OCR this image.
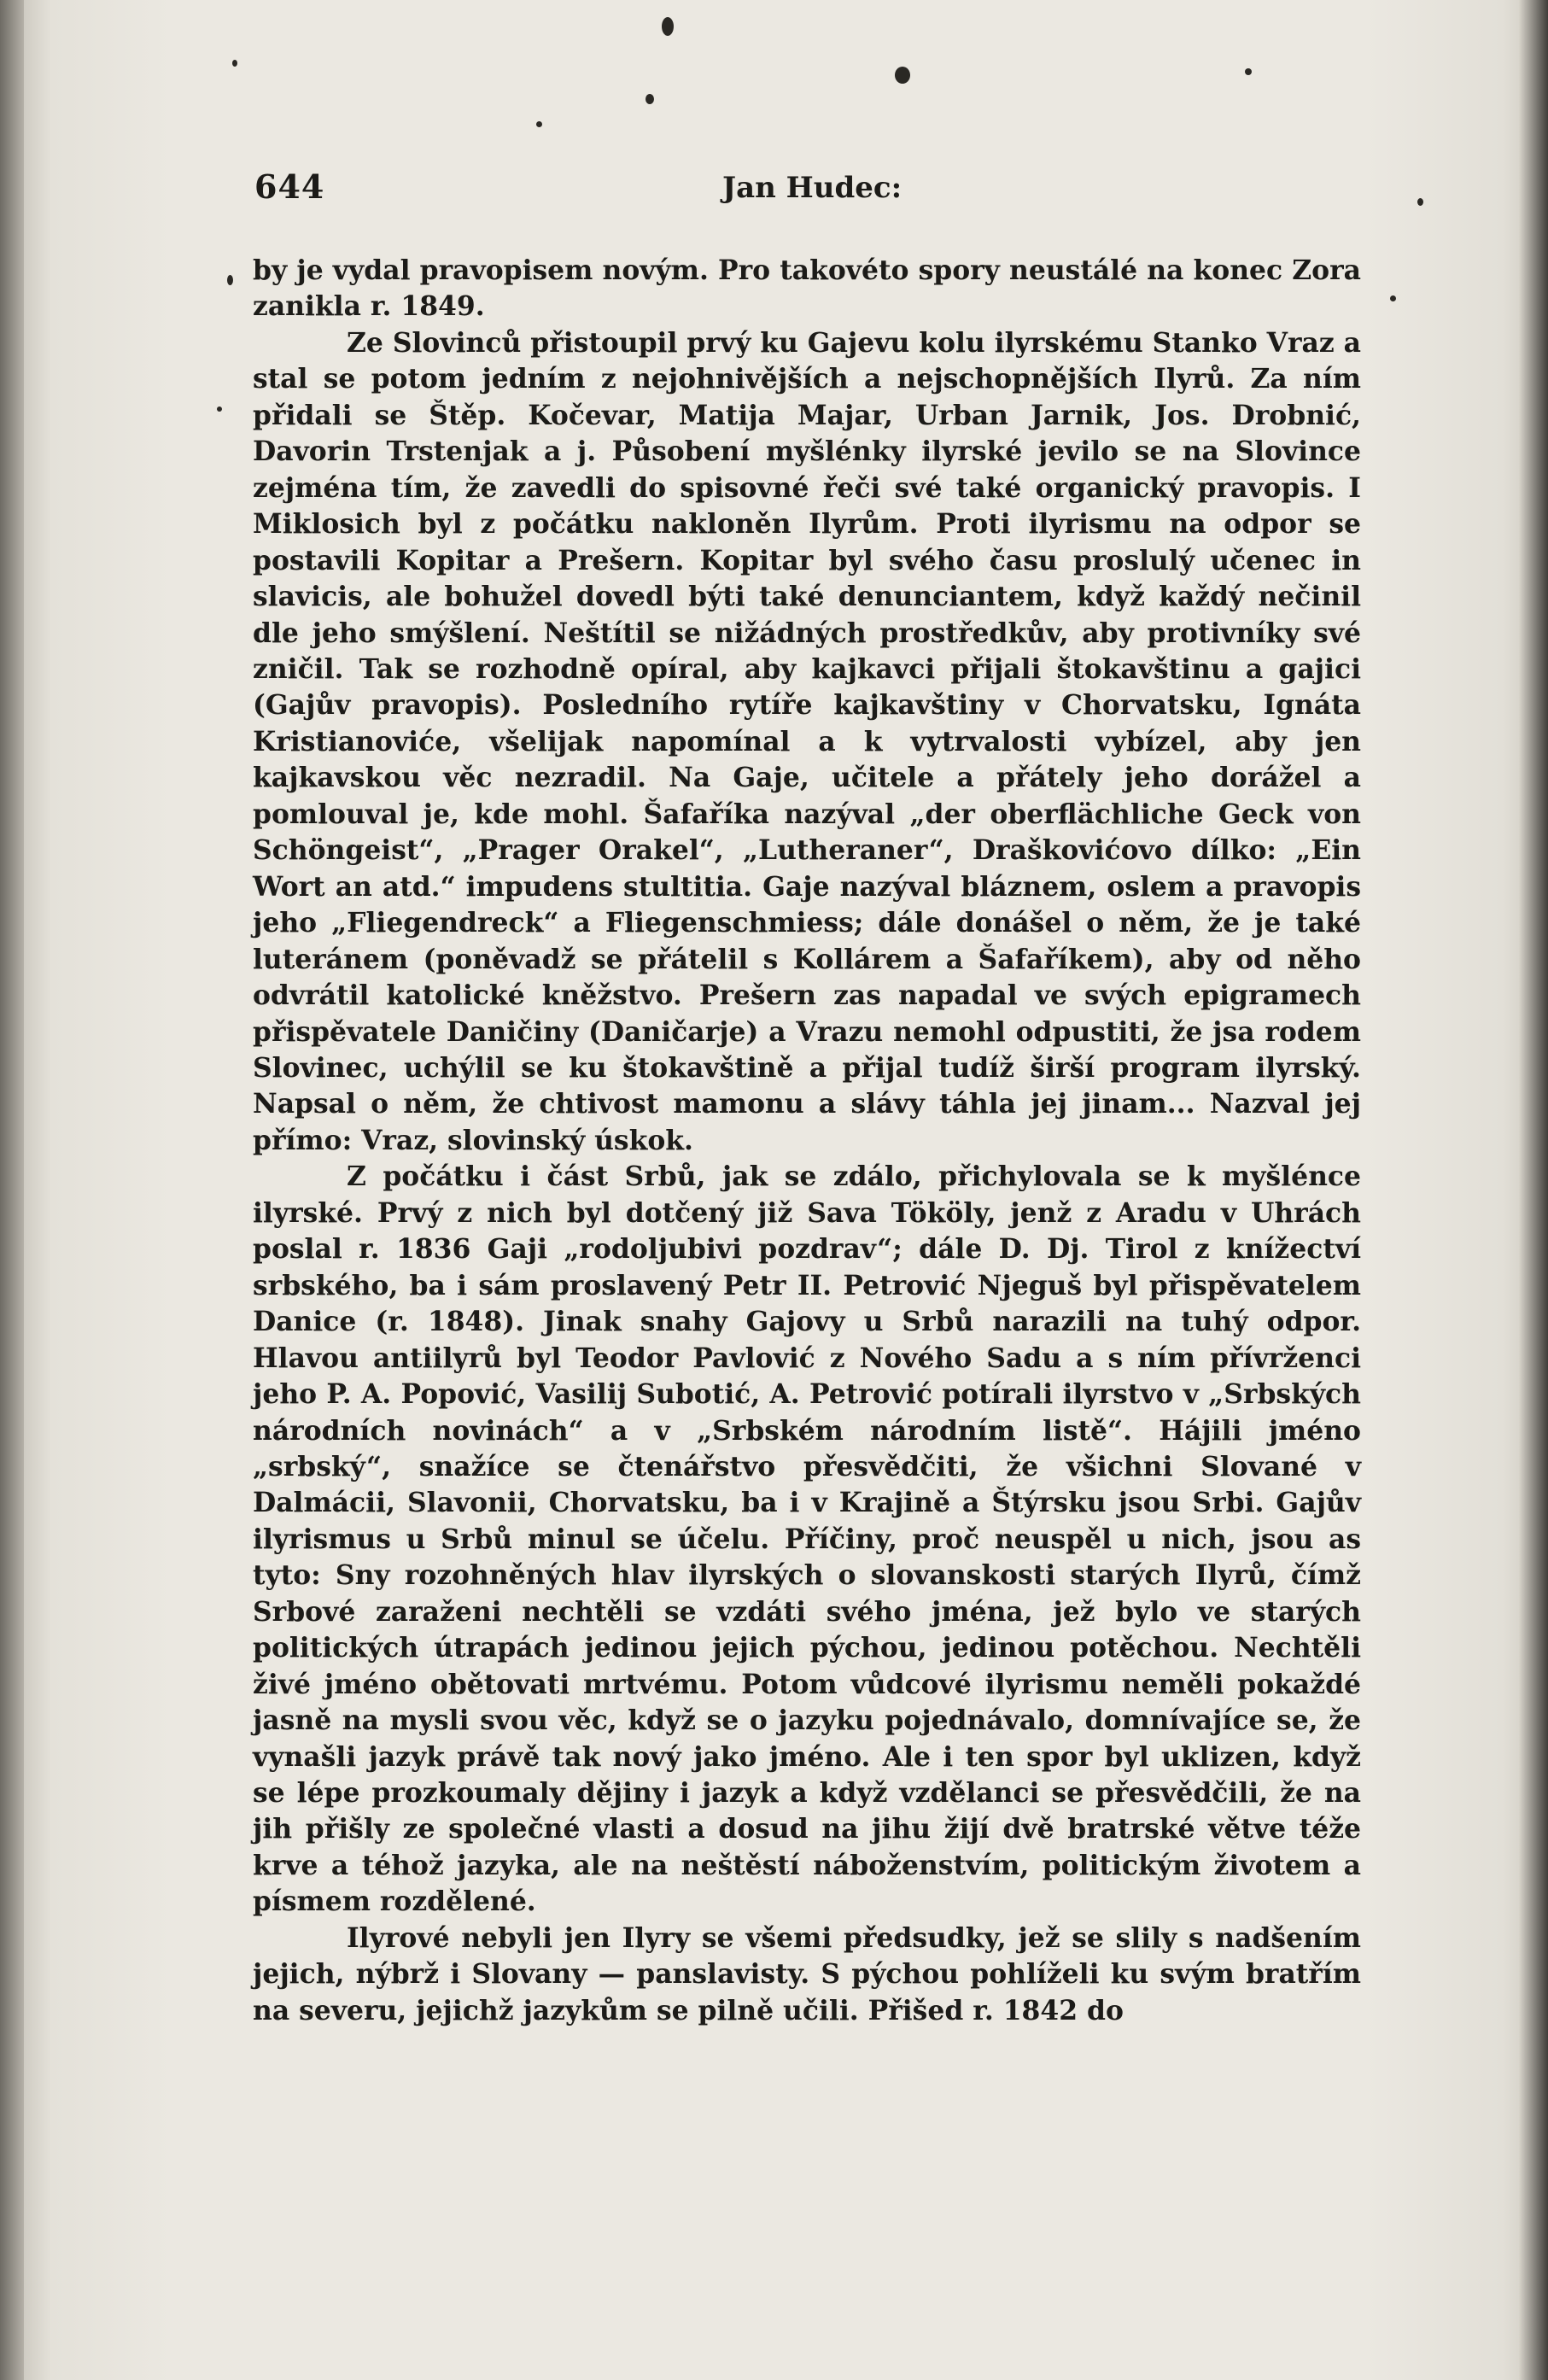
644	Jan Hudec:

by je vydal pravopisem novým. Pro takovéto spory neustálé na konec Zora zanikla r. 1849.

Ze Slovinců přistoupil prvý ku Gajevu kolu ilyrskému Stanko Vraz a stal se potom jedním z nejohnivějších a nejschopnějších Ilyrů. Za ním přidali se Štěp. Kočevar, Matija Majar, Urban Jarnik, Jos. Drobnić, Davorin Trstenjak a j. Působení myšlénky ilyrské jevilo se na Slovince zejména tím, že zavedli do spisovné řeči své také organický pravopis. I Miklosich byl z počátku nakloněn Ilyrům. Proti ilyrismu na odpor se postavili Kopitar a Prešern. Kopitar byl svého času proslulý učenec in slavicis, ale bohužel dovedl býti také denunciantem, když každý nečinil dle jeho smýšlení. Neštítil se nižádných prostředkův, aby protivníky své zničil. Tak se rozhodně opíral, aby kajkavci přijali štokavštinu a gajici (Gajův pravopis). Posledního rytíře kajkavštiny v Chorvatsku, Ignáta Kristianoviće, všelijak napomínal a k vytrvalosti vybízel, aby jen kajkavskou věc nezradil. Na Gaje, učitele a přátely jeho dorážel a pomlouval je, kde mohl. Šafaříka nazýval „der oberflächliche Geck von Schöngeist“, „Prager Orakel“, „Lutheraner“, Draškovićovo dílko: „Ein Wort an atd.“ impudens stultitia. Gaje nazýval bláznem, oslem a pravopis jeho „Fliegendreck“ a Fliegenschmiess; dále donášel o něm, že je také luteránem (poněvadž se přátelil s Kollárem a Šafaříkem), aby od něho odvrátil katolické kněžstvo. Prešern zas napadal ve svých epigramech přispěvatele Daničiny (Daničarje) a Vrazu nemohl odpustiti, že jsa rodem Slovinec, uchýlil se ku štokavštině a přijal tudíž širší program ilyrský. Napsal o něm, že chtivost mamonu a slávy táhla jej jinam... Nazval jej přímo: Vraz, slovinský úskok.

Z počátku i část Srbů, jak se zdálo, přichylovala se k myšlénce ilyrské. Prvý z nich byl dotčený již Sava Tököly, jenž z Aradu v Uhrách poslal r. 1836 Gaji „rodoljubivi pozdrav“; dále D. Dj. Tirol z knížectví srbského, ba i sám proslavený Petr II. Petrović Njeguš byl přispěvatelem Danice (r. 1848). Jinak snahy Gajovy u Srbů narazili na tuhý odpor. Hlavou antiilyrů byl Teodor Pavlović z Nového Sadu a s ním přívrženci jeho P. A. Popović, Vasilij Subotić, A. Petrović potírali ilyrstvo v „Srbských národních novinách“ a v „Srbském národním listě“. Hájili jméno „srbský“, snažíce se čtenářstvo přesvědčiti, že všichni Slované v Dalmácii, Slavonii, Chorvatsku, ba i v Krajině a Štýrsku jsou Srbi. Gajův ilyrismus u Srbů minul se účelu. Příčiny, proč neuspěl u nich, jsou as tyto: Sny rozohněných hlav ilyrských o slovanskosti starých Ilyrů, čímž Srbové zaraženi nechtěli se vzdáti svého jména, jež bylo ve starých politických útrapách jedinou jejich pýchou, jedinou potěchou. Nechtěli živé jméno obětovati mrtvému. Potom vůdcové ilyrismu neměli pokaždé jasně na mysli svou věc, když se o jazyku pojednávalo, domnívajíce se, že vynašli jazyk právě tak nový jako jméno. Ale i ten spor byl uklizen, když se lépe prozkoumaly dějiny i jazyk a když vzdělanci se přesvědčili, že na jih přišly ze společné vlasti a dosud na jihu žijí dvě bratrské větve téže krve a téhož jazyka, ale na neštěstí náboženstvím, politickým životem a písmem rozdělené.

Ilyrové nebyli jen Ilyry se všemi předsudky, jež se slily s nadšením jejich, nýbrž i Slovany — panslavisty. S pýchou pohlíželi ku svým bratřím na severu, jejichž jazykům se pilně učili. Přišed r. 1842 do
